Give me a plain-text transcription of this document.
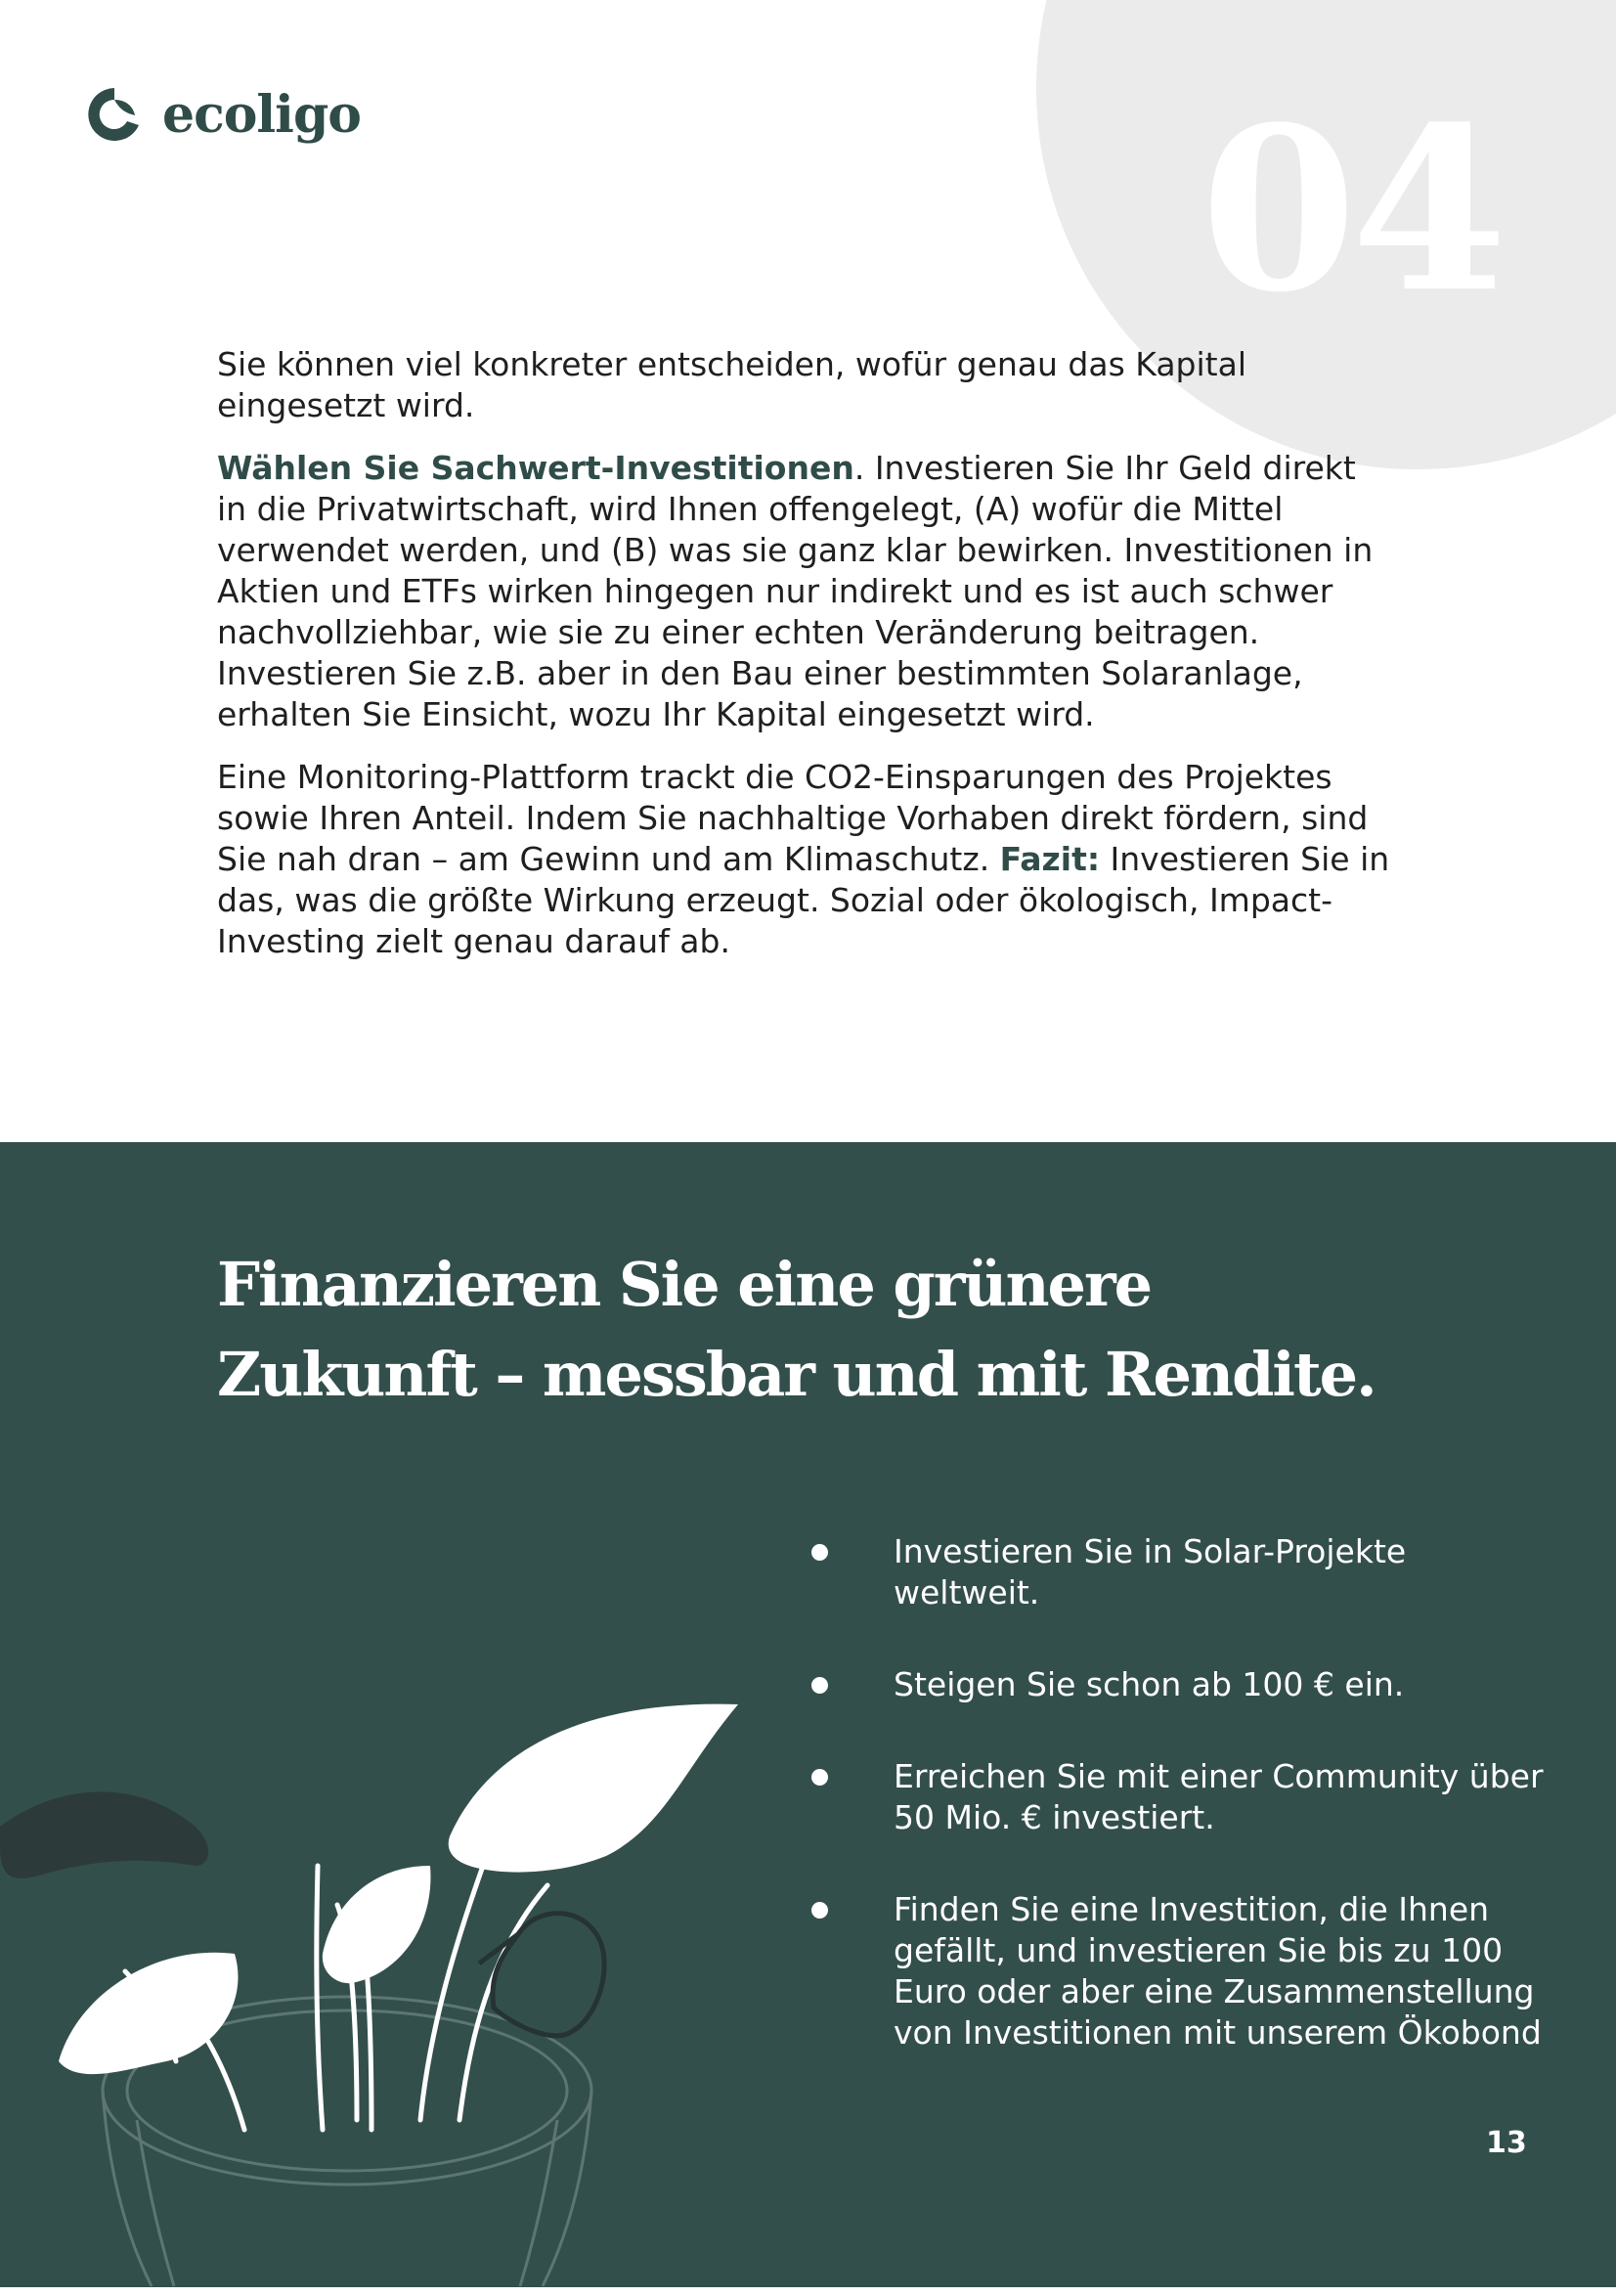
04
ecoligo

Sie können viel konkreter entscheiden, wofür genau das Kapital eingesetzt wird.

Wählen Sie Sachwert-Investitionen. Investieren Sie Ihr Geld direkt in die Privatwirtschaft, wird Ihnen offengelegt, (A) wofür die Mittel verwendet werden, und (B) was sie ganz klar bewirken. Investitionen in Aktien und ETFs wirken hingegen nur indirekt und es ist auch schwer nachvollziehbar, wie sie zu einer echten Veränderung beitragen. Investieren Sie z.B. aber in den Bau einer bestimmten Solaranlage, erhalten Sie Einsicht, wozu Ihr Kapital eingesetzt wird.

Eine Monitoring-Plattform trackt die CO2-Einsparungen des Projektes sowie Ihren Anteil. Indem Sie nachhaltige Vorhaben direkt fördern, sind Sie nah dran – am Gewinn und am Klimaschutz. Fazit: Investieren Sie in das, was die größte Wirkung erzeugt. Sozial oder ökologisch, Impact-Investing zielt genau darauf ab.

Finanzieren Sie eine grünere
Zukunft – messbar und mit Rendite.
Investieren Sie in Solar-Projekte weltweit.
Steigen Sie schon ab 100 € ein.
Erreichen Sie mit einer Community über 50 Mio. € investiert.
Finden Sie eine Investition, die Ihnen gefällt, und investieren Sie bis zu 100 Euro oder aber eine Zusammenstellung von Investitionen mit unserem Ökobond
13
